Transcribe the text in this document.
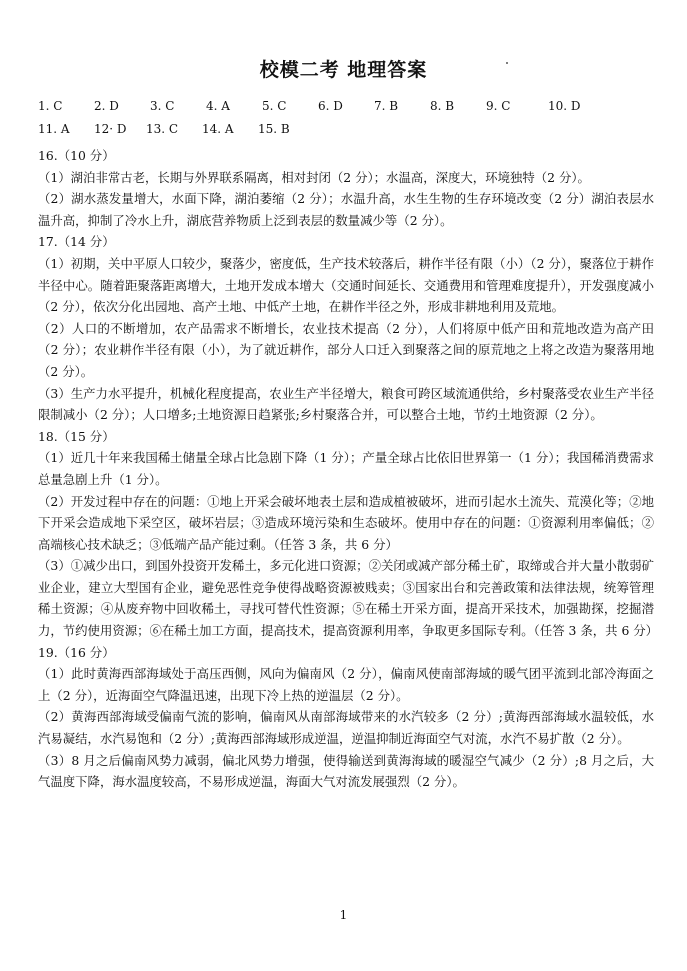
校模二考 地理答案
1. C	2. D	3. C	4. A	5. C	6. D	7. B	8. B	9. C	10. D
11. A 12· D 13. C 14. A 15. B

16.（10 分）

（1）湖泊非常古老，长期与外界联系隔离，相对封闭（2 分）；水温高，深度大，环境独特（2 分）。

（2）湖水蒸发量增大，水面下降，湖泊萎缩（2 分）；水温升高，水生生物的生存环境改变（2 分）湖泊表层水温升高，抑制了冷水上升，湖底营养物质上泛到表层的数量减少等（2 分）。

17.（14 分）

（1）初期，关中平原人口较少，聚落少，密度低，生产技术较落后，耕作半径有限（小）（2 分），聚落位于耕作半径中心。随着距聚落距离增大，土地开发成本增大（交通时间延长、交通费用和管理难度提升），开发强度减小（2 分），依次分化出园地、高产土地、中低产土地，在耕作半径之外，形成非耕地利用及荒地。

（2）人口的不断增加，农产品需求不断增长，农业技术提高（2 分），人们将原中低产田和荒地改造为高产田（2 分）；农业耕作半径有限（小），为了就近耕作，部分人口迁入到聚落之间的原荒地之上将之改造为聚落用地（2 分）。

（3）生产力水平提升，机械化程度提高，农业生产半径增大，粮食可跨区域流通供给，乡村聚落受农业生产半径限制减小（2 分）；人口增多;土地资源日趋紧张;乡村聚落合并，可以整合土地，节约土地资源（2 分）。

18.（15 分）

（1）近几十年来我国稀土储量全球占比急剧下降（1 分）；产量全球占比依旧世界第一（1 分）；我国稀消费需求总量急剧上升（1 分）。

（2）开发过程中存在的问题：①地上开采会破坏地表土层和造成植被破坏，进而引起水土流失、荒漠化等；②地下开采会造成地下采空区，破坏岩层；③造成环境污染和生态破坏。使用中存在的问题：①资源利用率偏低；②高端核心技术缺乏；③低端产品产能过剩。（任答 3 条，共 6 分）

（3）①减少出口，到国外投资开发稀土，多元化进口资源；②关闭或减产部分稀土矿，取缔或合并大量小散弱矿业企业，建立大型国有企业，避免恶性竞争使得战略资源被贱卖；③国家出台和完善政策和法律法规，统筹管理稀土资源；④从废弃物中回收稀土，寻找可替代性资源；⑤在稀土开采方面，提高开采技术，加强勘探，挖掘潜力，节约使用资源；⑥在稀土加工方面，提高技术，提高资源利用率，争取更多国际专利。（任答 3 条，共 6 分）

19.（16 分）

（1）此时黄海西部海域处于高压西侧，风向为偏南风（2 分），偏南风使南部海域的暖气团平流到北部冷海面之上（2 分），近海面空气降温迅速，出现下冷上热的逆温层（2 分）。

（2）黄海西部海域受偏南气流的影响，偏南风从南部海域带来的水汽较多（2 分）;黄海西部海域水温较低，水汽易凝结，水汽易饱和（2 分）;黄海西部海域形成逆温，逆温抑制近海面空气对流，水汽不易扩散（2 分）。

（3）8 月之后偏南风势力减弱，偏北风势力增强，使得输送到黄海海域的暖湿空气减少（2 分）;8 月之后，大气温度下降，海水温度较高，不易形成逆温，海面大气对流发展强烈（2 分）。

1
